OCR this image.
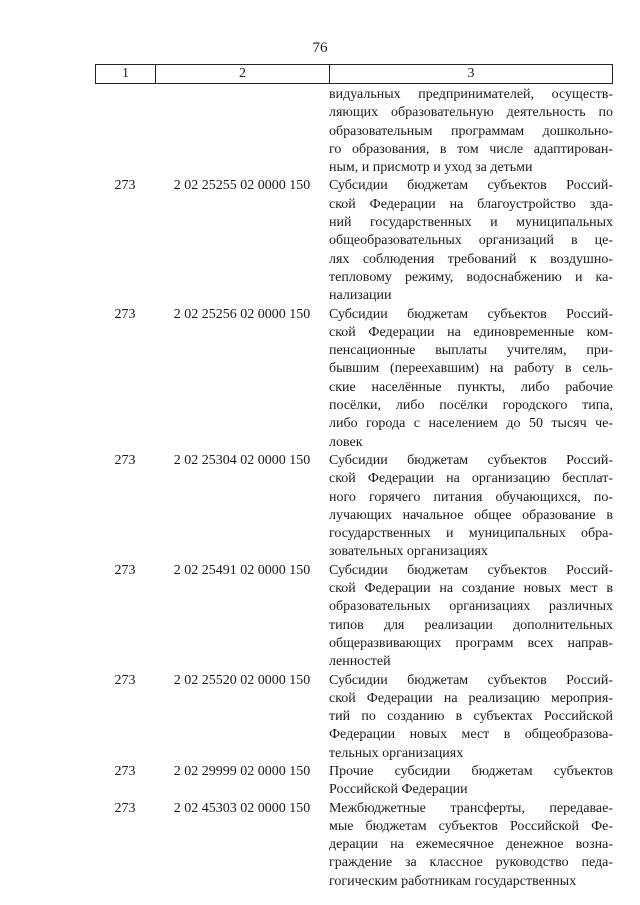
76
1	2	3
видуальных предпринимателей, осуществ-
ляющих образовательную деятельность по
образовательным программам дошкольно-
го образования, в том числе адаптирован-
ным, и присмотр и уход за детьми
273	2 02 25255 02 0000 150	Субсидии бюджетам субъектов Россий-
ской Федерации на благоустройство зда-
ний государственных и муниципальных
общеобразовательных организаций в це-
лях соблюдения требований к воздушно-
тепловому режиму, водоснабжению и ка-
нализации
273	2 02 25256 02 0000 150	Субсидии бюджетам субъектов Россий-
ской Федерации на единовременные ком-
пенсационные выплаты учителям, при-
бывшим (переехавшим) на работу в сель-
ские населённые пункты, либо рабочие
посёлки, либо посёлки городского типа,
либо города с населением до 50 тысяч че-
ловек
273	2 02 25304 02 0000 150	Субсидии бюджетам субъектов Россий-
ской Федерации на организацию бесплат-
ного горячего питания обучающихся, по-
лучающих начальное общее образование в
государственных и муниципальных обра-
зовательных организациях
273	2 02 25491 02 0000 150	Субсидии бюджетам субъектов Россий-
ской Федерации на создание новых мест в
образовательных организациях различных
типов для реализации дополнительных
общеразвивающих программ всех направ-
ленностей
273	2 02 25520 02 0000 150	Субсидии бюджетам субъектов Россий-
ской Федерации на реализацию мероприя-
тий по созданию в субъектах Российской
Федерации новых мест в общеобразова-
тельных организациях
273	2 02 29999 02 0000 150	Прочие субсидии бюджетам субъектов
Российской Федерации
273	2 02 45303 02 0000 150	Межбюджетные трансферты, передавае-
мые бюджетам субъектов Российской Фе-
дерации на ежемесячное денежное возна-
граждение за классное руководство педа-
гогическим работникам государственных
